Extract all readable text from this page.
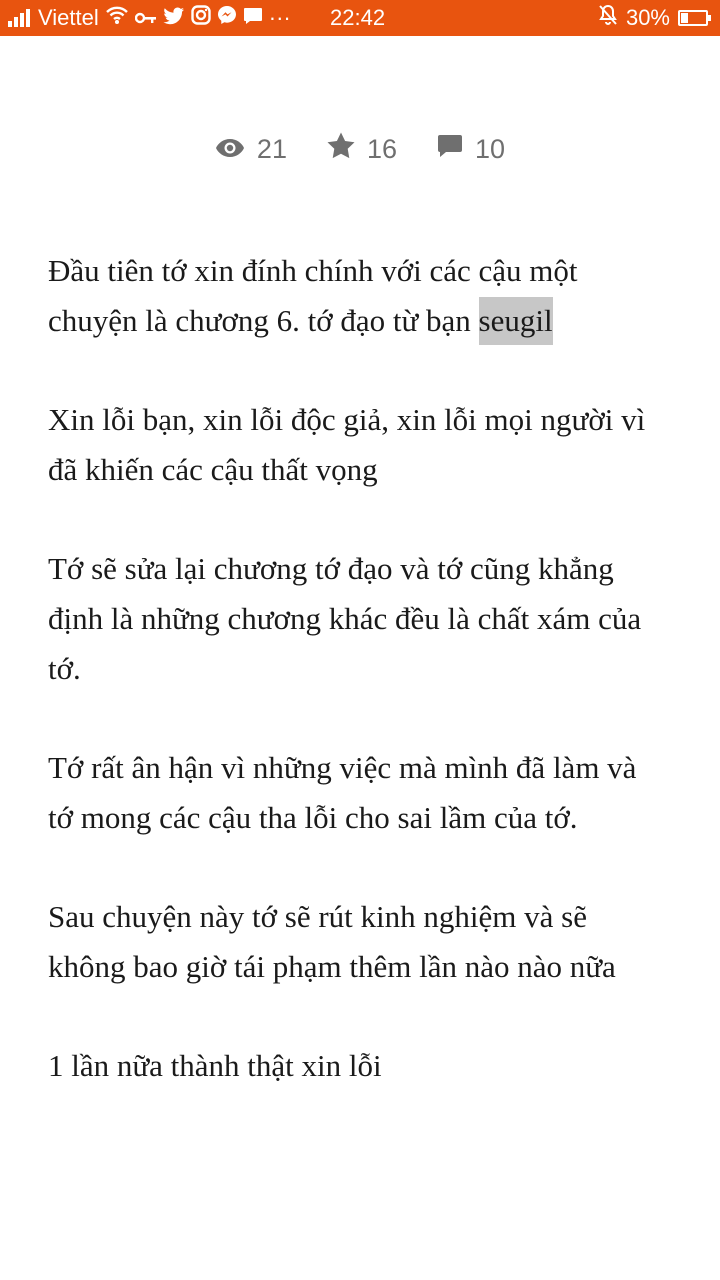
Viettel	··· 22:42	30%
21	16	10

Đầu tiên tớ xin đính chính với các cậu một chuyện là chương 6. tớ đạo từ bạn seugil

Xin lỗi bạn, xin lỗi độc giả, xin lỗi mọi người vì đã khiến các cậu thất vọng

Tớ sẽ sửa lại chương tớ đạo và tớ cũng khẳng định là những chương khác đều là chất xám của tớ.

Tớ rất ân hận vì những việc mà mình đã làm và tớ mong các cậu tha lỗi cho sai lầm của tớ.

Sau chuyện này tớ sẽ rút kinh nghiệm và sẽ không bao giờ tái phạm thêm lần nào nào nữa

1 lần nữa thành thật xin lỗi
